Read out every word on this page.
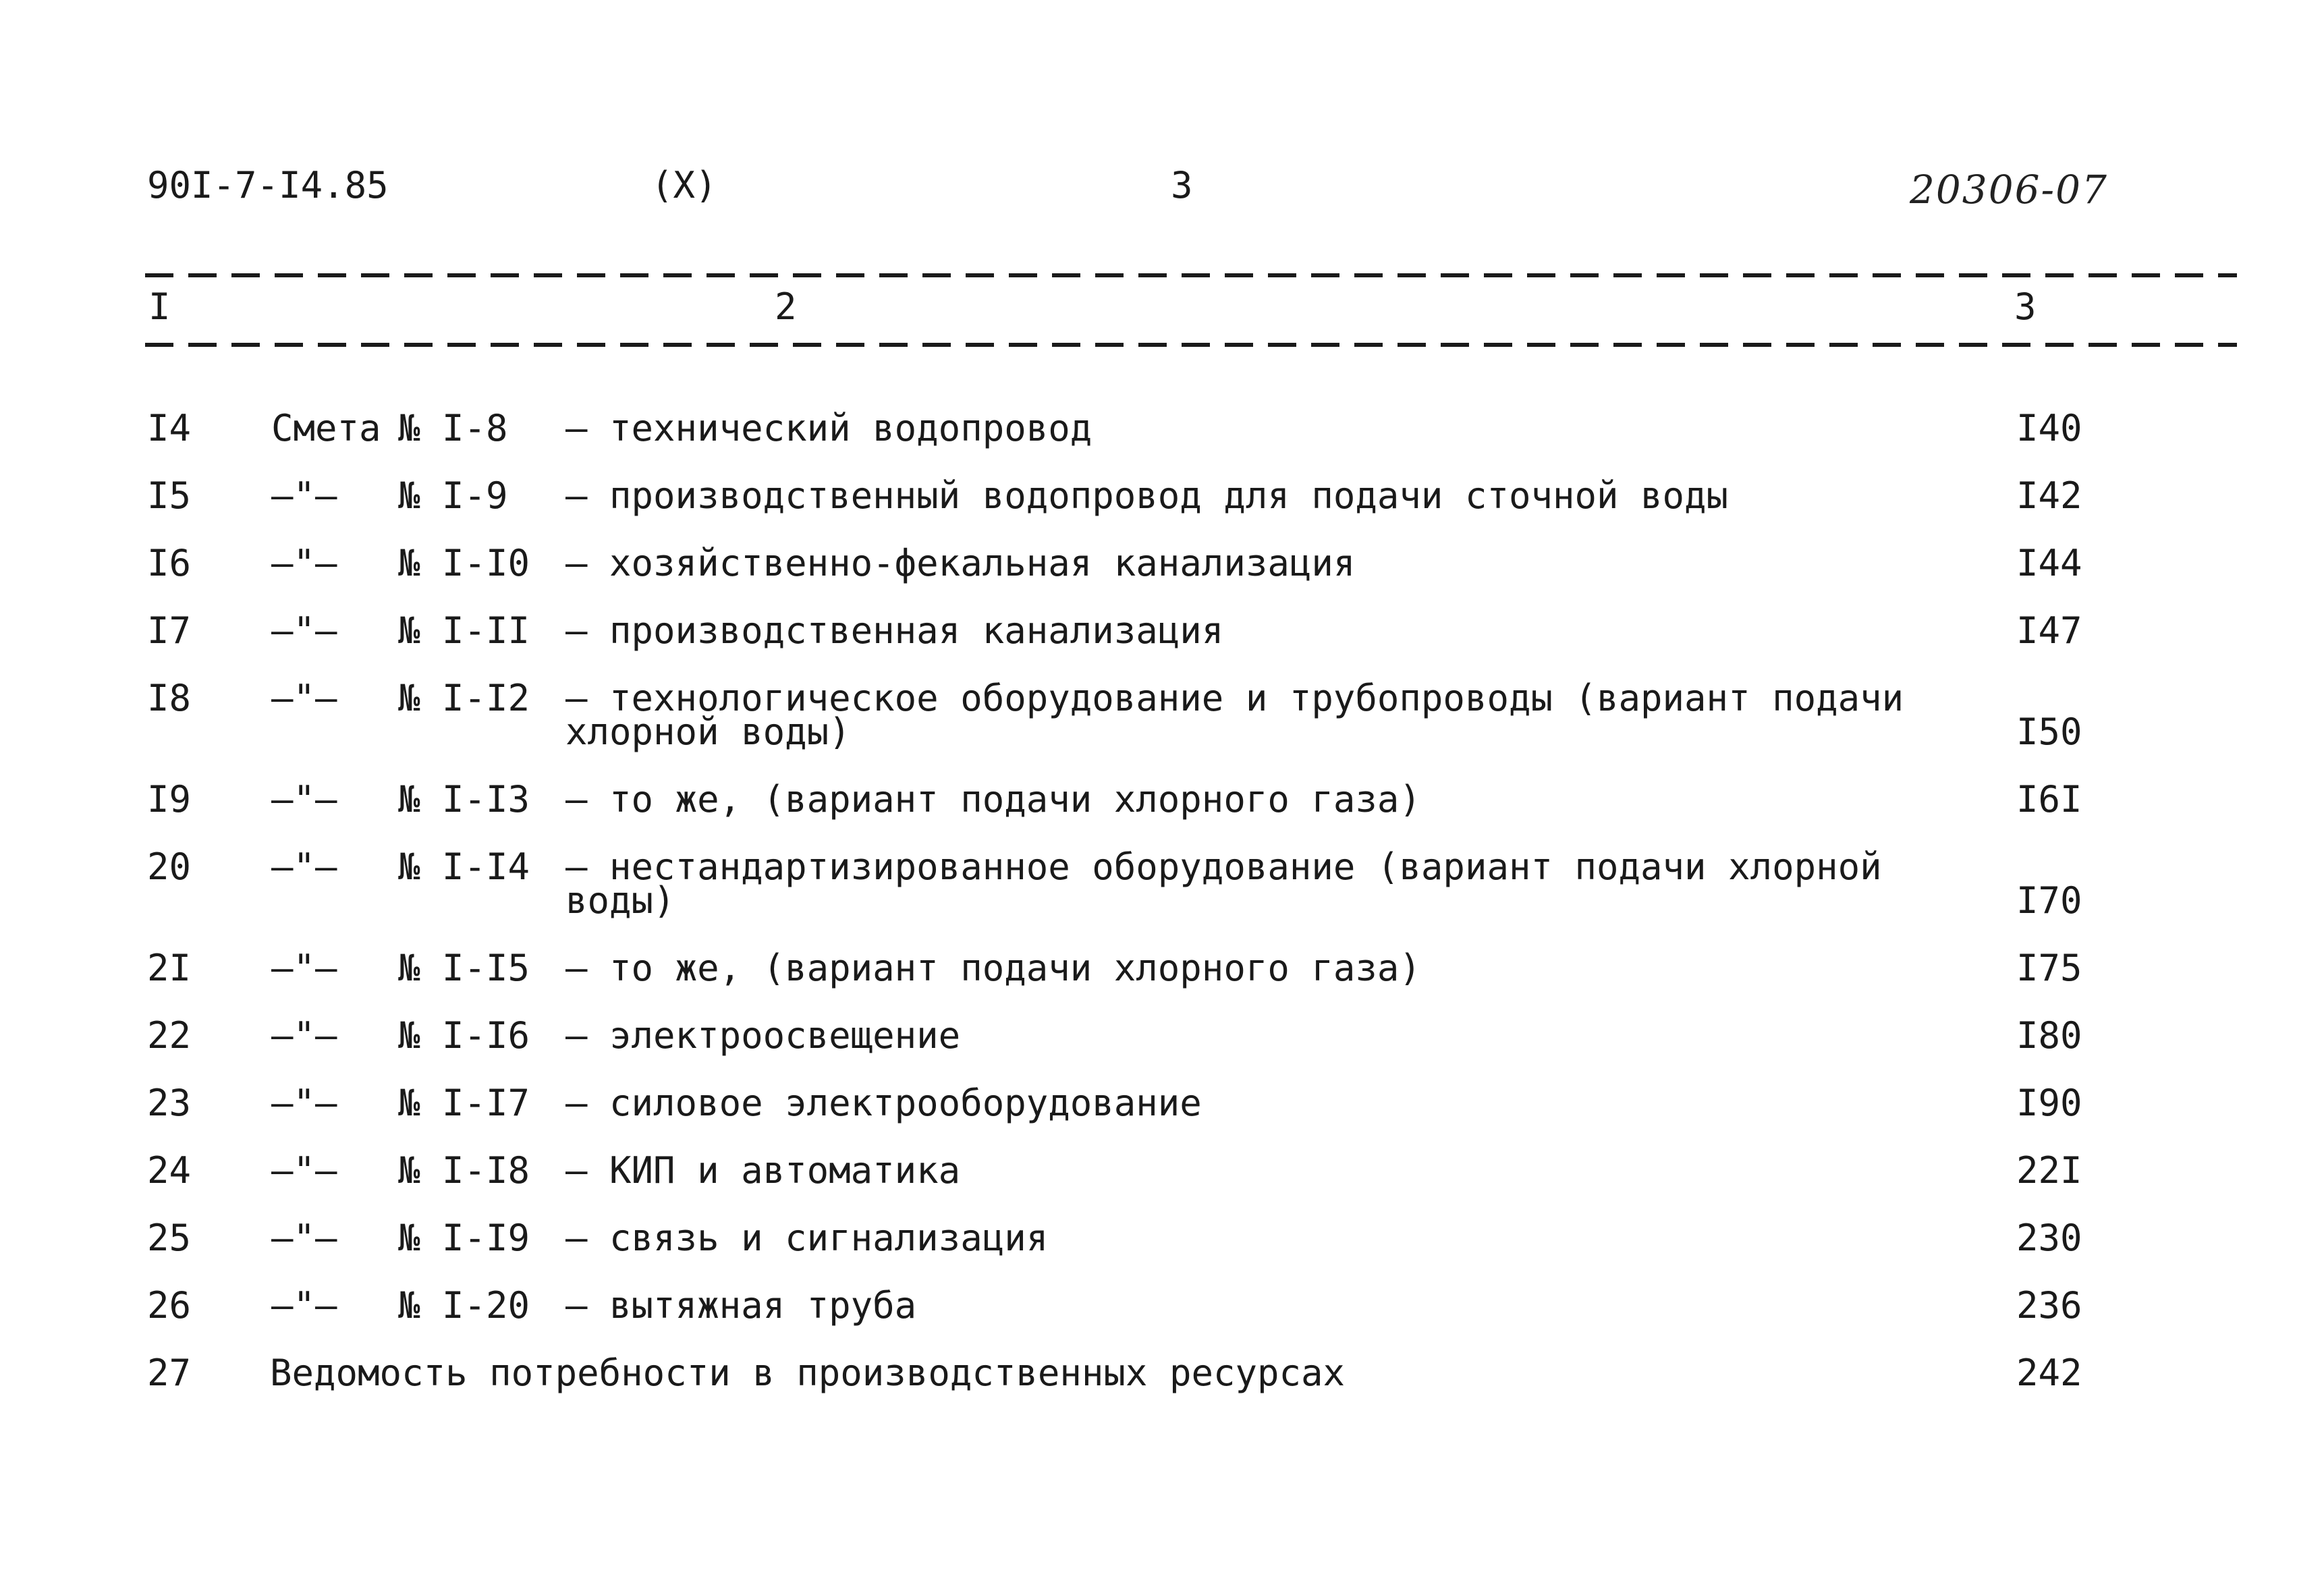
90I-7-I4.85	(X)	3	20306-07
I	2	3
I4 Смета № I-8 – технический водопровод	I40
I5 –"– № I-9 – производственный водопровод для подачи сточной воды	I42
I6 –"– № I-I0 – хозяйственно-фекальная канализация	I44
I7 –"– № I-II – производственная канализация	I47
I8 –"– № I-I2 – технологическое оборудование и трубопроводы (вариант подачи хлорной воды)	I50
I9 –"– № I-I3 – то же, (вариант подачи хлорного газа)	I6I
20 –"– № I-I4 – нестандартизированное оборудование (вариант подачи хлорной воды)	I70
2I –"– № I-I5 – то же, (вариант подачи хлорного газа)	I75
22 –"– № I-I6 – электроосвещение	I80
23 –"– № I-I7 – силовое электрооборудование	I90
24 –"– № I-I8 – КИП и автоматика	22I
25 –"– № I-I9 – связь и сигнализация	230
26 –"– № I-20 – вытяжная труба	236
27 Ведомость потребности в производственных ресурсах	242
